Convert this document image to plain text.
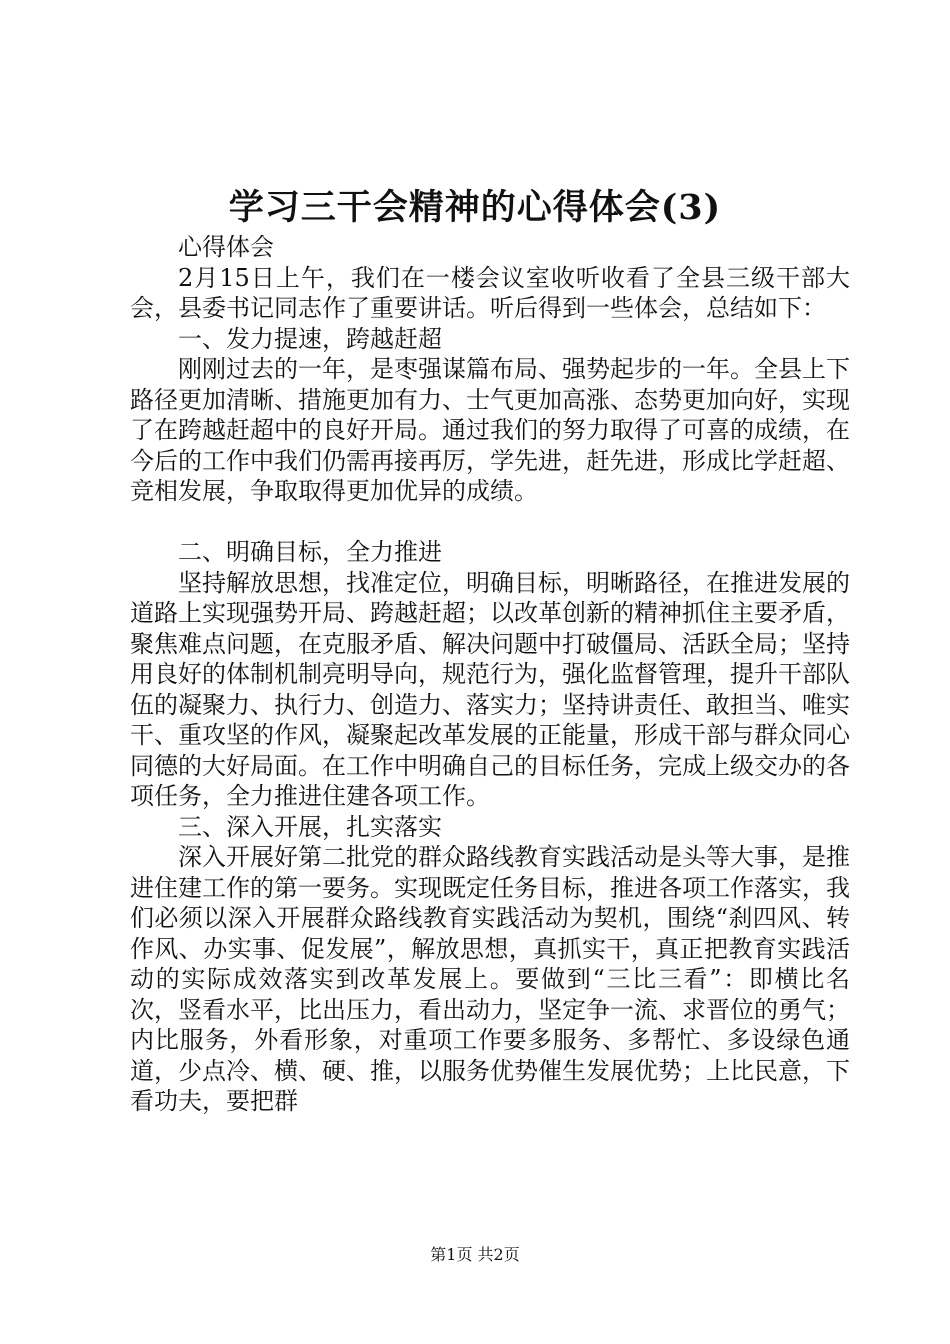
学习三干会精神的心得体会(3)

心得体会

2月15日上午，我们在一楼会议室收听收看了全县三级干部大会，县委书记同志作了重要讲话。听后得到一些体会，总结如下：

一、发力提速，跨越赶超

刚刚过去的一年，是枣强谋篇布局、强势起步的一年。全县上下路径更加清晰、措施更加有力、士气更加高涨、态势更加向好，实现了在跨越赶超中的良好开局。通过我们的努力取得了可喜的成绩，在今后的工作中我们仍需再接再厉，学先进，赶先进，形成比学赶超、竞相发展，争取取得更加优异的成绩。

二、明确目标，全力推进

坚持解放思想，找准定位，明确目标，明晰路径，在推进发展的道路上实现强势开局、跨越赶超；以改革创新的精神抓住主要矛盾，聚焦难点问题，在克服矛盾、解决问题中打破僵局、活跃全局；坚持用良好的体制机制亮明导向，规范行为，强化监督管理，提升干部队伍的凝聚力、执行力、创造力、落实力；坚持讲责任、敢担当、唯实干、重攻坚的作风，凝聚起改革发展的正能量，形成干部与群众同心同德的大好局面。在工作中明确自己的目标任务，完成上级交办的各项任务，全力推进住建各项工作。

三、深入开展，扎实落实

深入开展好第二批党的群众路线教育实践活动是头等大事，是推进住建工作的第一要务。实现既定任务目标，推进各项工作落实，我们必须以深入开展群众路线教育实践活动为契机，围绕“刹四风、转作风、办实事、促发展”，解放思想，真抓实干，真正把教育实践活动的实际成效落实到改革发展上。要做到“三比三看”：即横比名次，竖看水平，比出压力，看出动力，坚定争一流、求晋位的勇气；内比服务，外看形象，对重项工作要多服务、多帮忙、多设绿色通道，少点冷、横、硬、推，以服务优势催生发展优势；上比民意，下看功夫，要把群

第1页 共2页
